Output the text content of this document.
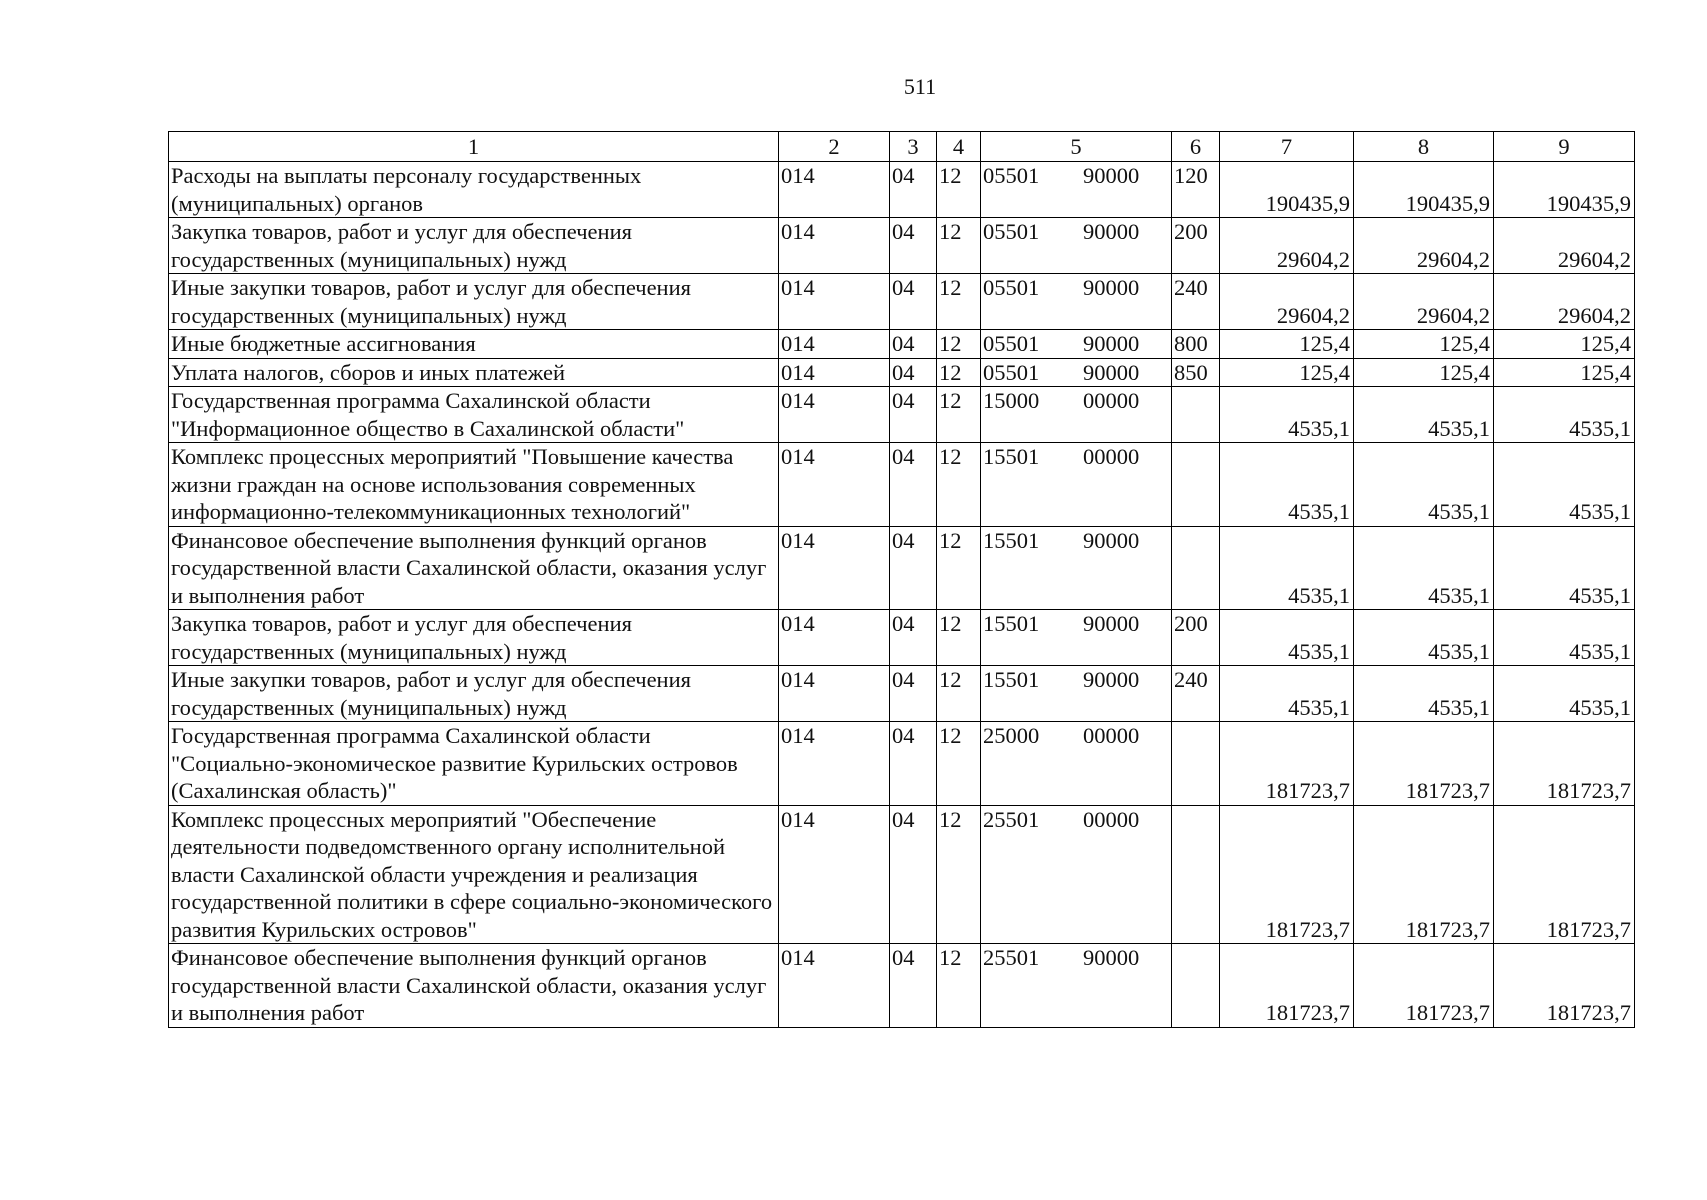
511
1	2	3	4	5	6	7	8	9
Расходы на выплаты персоналу государственных (муниципальных) органов	014	04	12	05501 90000	120	190435,9	190435,9	190435,9
Закупка товаров, работ и услуг для обеспечения государственных (муниципальных) нужд	014	04	12	05501 90000	200	29604,2	29604,2	29604,2
Иные закупки товаров, работ и услуг для обеспечения государственных (муниципальных) нужд	014	04	12	05501 90000	240	29604,2	29604,2	29604,2
Иные бюджетные ассигнования	014	04	12	05501 90000	800	125,4	125,4	125,4
Уплата налогов, сборов и иных платежей	014	04	12	05501 90000	850	125,4	125,4	125,4
Государственная программа Сахалинской области "Информационное общество в Сахалинской области"	014	04	12	15000 00000		4535,1	4535,1	4535,1
Комплекс процессных мероприятий "Повышение качества жизни граждан на основе использования современных информационно-телекоммуникационных технологий"	014	04	12	15501 00000		4535,1	4535,1	4535,1
Финансовое обеспечение выполнения функций органов государственной власти Сахалинской области, оказания услуг и выполнения работ	014	04	12	15501 90000		4535,1	4535,1	4535,1
Закупка товаров, работ и услуг для обеспечения государственных (муниципальных) нужд	014	04	12	15501 90000	200	4535,1	4535,1	4535,1
Иные закупки товаров, работ и услуг для обеспечения государственных (муниципальных) нужд	014	04	12	15501 90000	240	4535,1	4535,1	4535,1
Государственная программа Сахалинской области "Социально-экономическое развитие Курильских островов (Сахалинская область)"	014	04	12	25000 00000		181723,7	181723,7	181723,7
Комплекс процессных мероприятий "Обеспечение деятельности подведомственного органу исполнительной власти Сахалинской области учреждения и реализация государственной политики в сфере социально-экономического развития Курильских островов"	014	04	12	25501 00000		181723,7	181723,7	181723,7
Финансовое обеспечение выполнения функций органов государственной власти Сахалинской области, оказания услуг и выполнения работ	014	04	12	25501 90000		181723,7	181723,7	181723,7
